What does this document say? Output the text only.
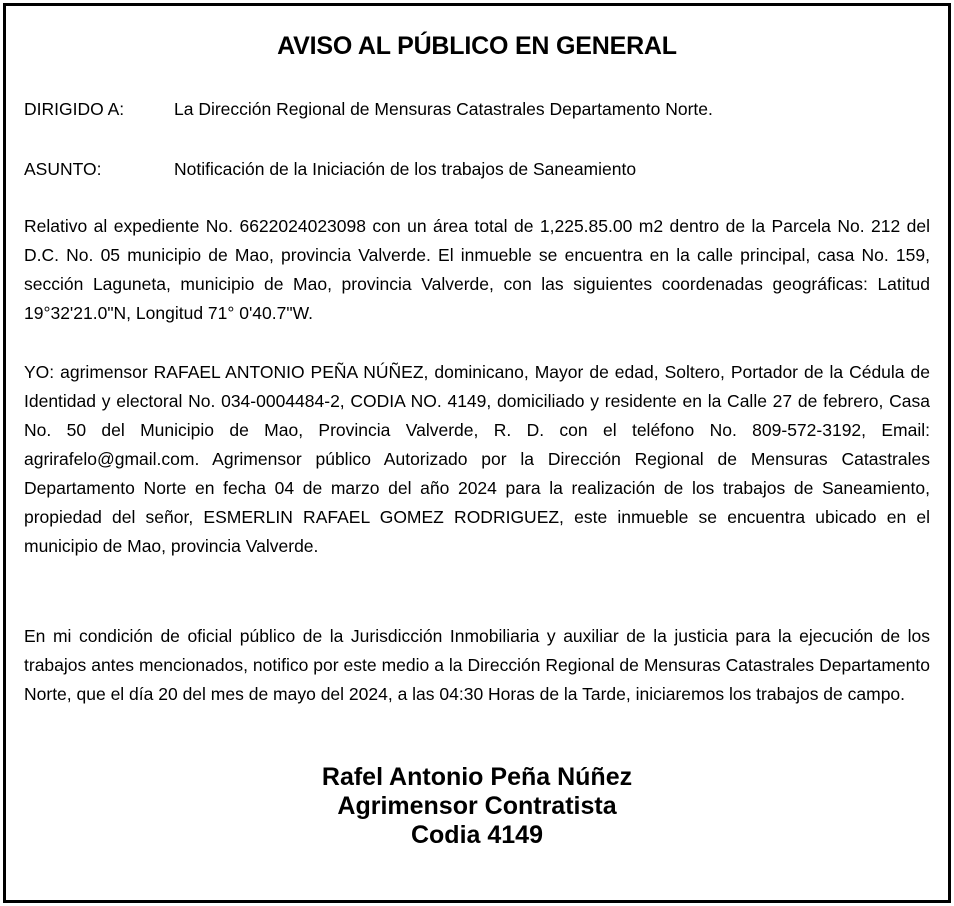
AVISO AL PÚBLICO EN GENERAL
DIRIGIDO A:	La Dirección Regional de Mensuras Catastrales Departamento Norte.
ASUNTO:	Notificación de la Iniciación de los trabajos de Saneamiento

Relativo al expediente No. 6622024023098 con un área total de 1,225.85.00 m2 dentro de la Parcela No. 212 del D.C. No. 05 municipio de Mao, provincia Valverde. El inmueble se encuentra en la calle principal, casa No. 159, sección Laguneta, municipio de Mao, provincia Valverde, con las siguientes coordenadas geográficas: Latitud 19°32'21.0"N, Longitud 71° 0'40.7"W.

YO: agrimensor RAFAEL ANTONIO PEÑA NÚÑEZ, dominicano, Mayor de edad, Soltero, Portador de la Cédula de Identidad y electoral No. 034-0004484-2, CODIA NO. 4149, domiciliado y residente en la Calle 27 de febrero, Casa No. 50 del Municipio de Mao, Provincia Valverde, R. D. con el teléfono No. 809-572-3192, Email: agrirafelo@gmail.com. Agrimensor público Autorizado por la Dirección Regional de Mensuras Catastrales Departamento Norte en fecha 04 de marzo del año 2024 para la realización de los trabajos de Saneamiento, propiedad del señor, ESMERLIN RAFAEL GOMEZ RODRIGUEZ, este inmueble se encuentra ubicado en el municipio de Mao, provincia Valverde.

En mi condición de oficial público de la Jurisdicción Inmobiliaria y auxiliar de la justicia para la ejecución de los trabajos antes mencionados, notifico por este medio a la Dirección Regional de Mensuras Catastrales Departamento Norte, que el día 20 del mes de mayo del 2024, a las 04:30 Horas de la Tarde, iniciaremos los trabajos de campo.

Rafel Antonio Peña Núñez
Agrimensor Contratista
Codia 4149
